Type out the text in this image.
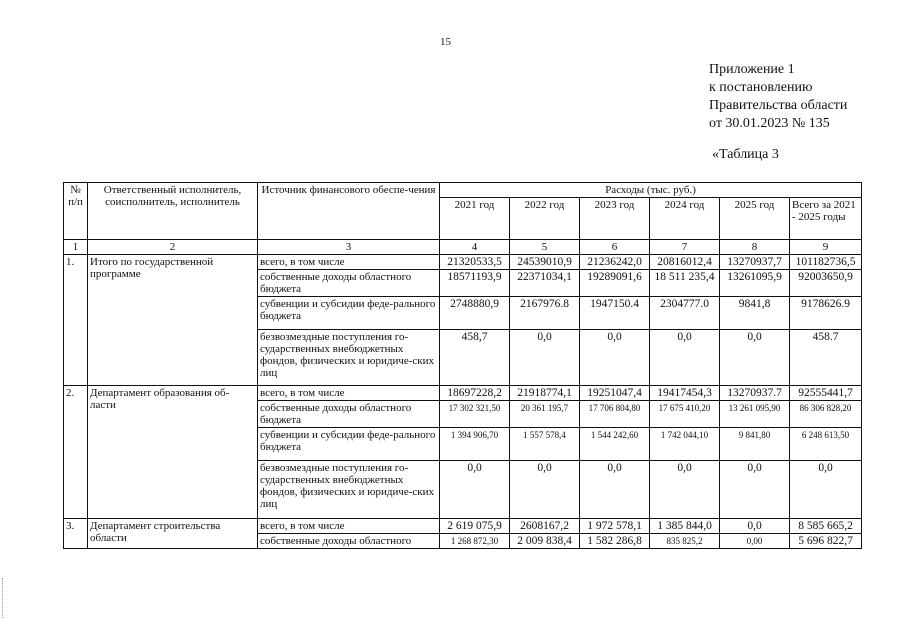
15
Приложение 1
к постановлению
Правительства области
от 30.01.2023 № 135
«Таблица 3
№ п/п	Ответственный исполнитель, соисполнитель, исполнитель	Источник финансового обеспе-чения	Расходы (тыс. руб.)					
			2021 год	2022 год	2023 год	2024 год	2025 год	Всего за 2021 - 2025 годы
1	2	3	4	5	6	7	8	9
1.	Итого по государственной программе	всего, в том числе	21320533,5	24539010,9	21236242,0	20816012,4	13270937,7	101182736,5
		собственные доходы областного бюджета	18571193,9	22371034,1	19289091,6	18 511 235,4	13261095,9	92003650,9
		субвенции и субсидии феде-рального бюджета	2748880,9	2167976.8	1947150.4	2304777.0	9841,8	9178626.9
		безвозмездные поступления го-сударственных внебюджетных фондов, физических и юридиче-ских лиц	458,7	0,0	0,0	0,0	0,0	458.7
2.	Департамент образования об-ласти	всего, в том числе	18697228,2	21918774,1	19251047,4	19417454,3	13270937.7	92555441,7
		собственные доходы областного бюджета	17 302 321,50	20 361 195,7	17 706 804,80	17 675 410,20	13 261 095,90	86 306 828,20
		субвенции и субсидии феде-рального бюджета	1 394 906,70	1 557 578,4	1 544 242,60	1 742 044,10	9 841,80	6 248 613,50
		безвозмездные поступления го-сударственных внебюджетных фондов, физических и юридиче-ских лиц	0,0	0,0	0,0	0,0	0,0	0,0
3.	Департамент строительства области	всего, в том числе	2 619 075,9	2608167,2	1 972 578,1	1 385 844,0	0,0	8 585 665,2
		собственные доходы областного	1 268 872,30	2 009 838,4	1 582 286,8	835 825,2	0,00	5 696 822,7
